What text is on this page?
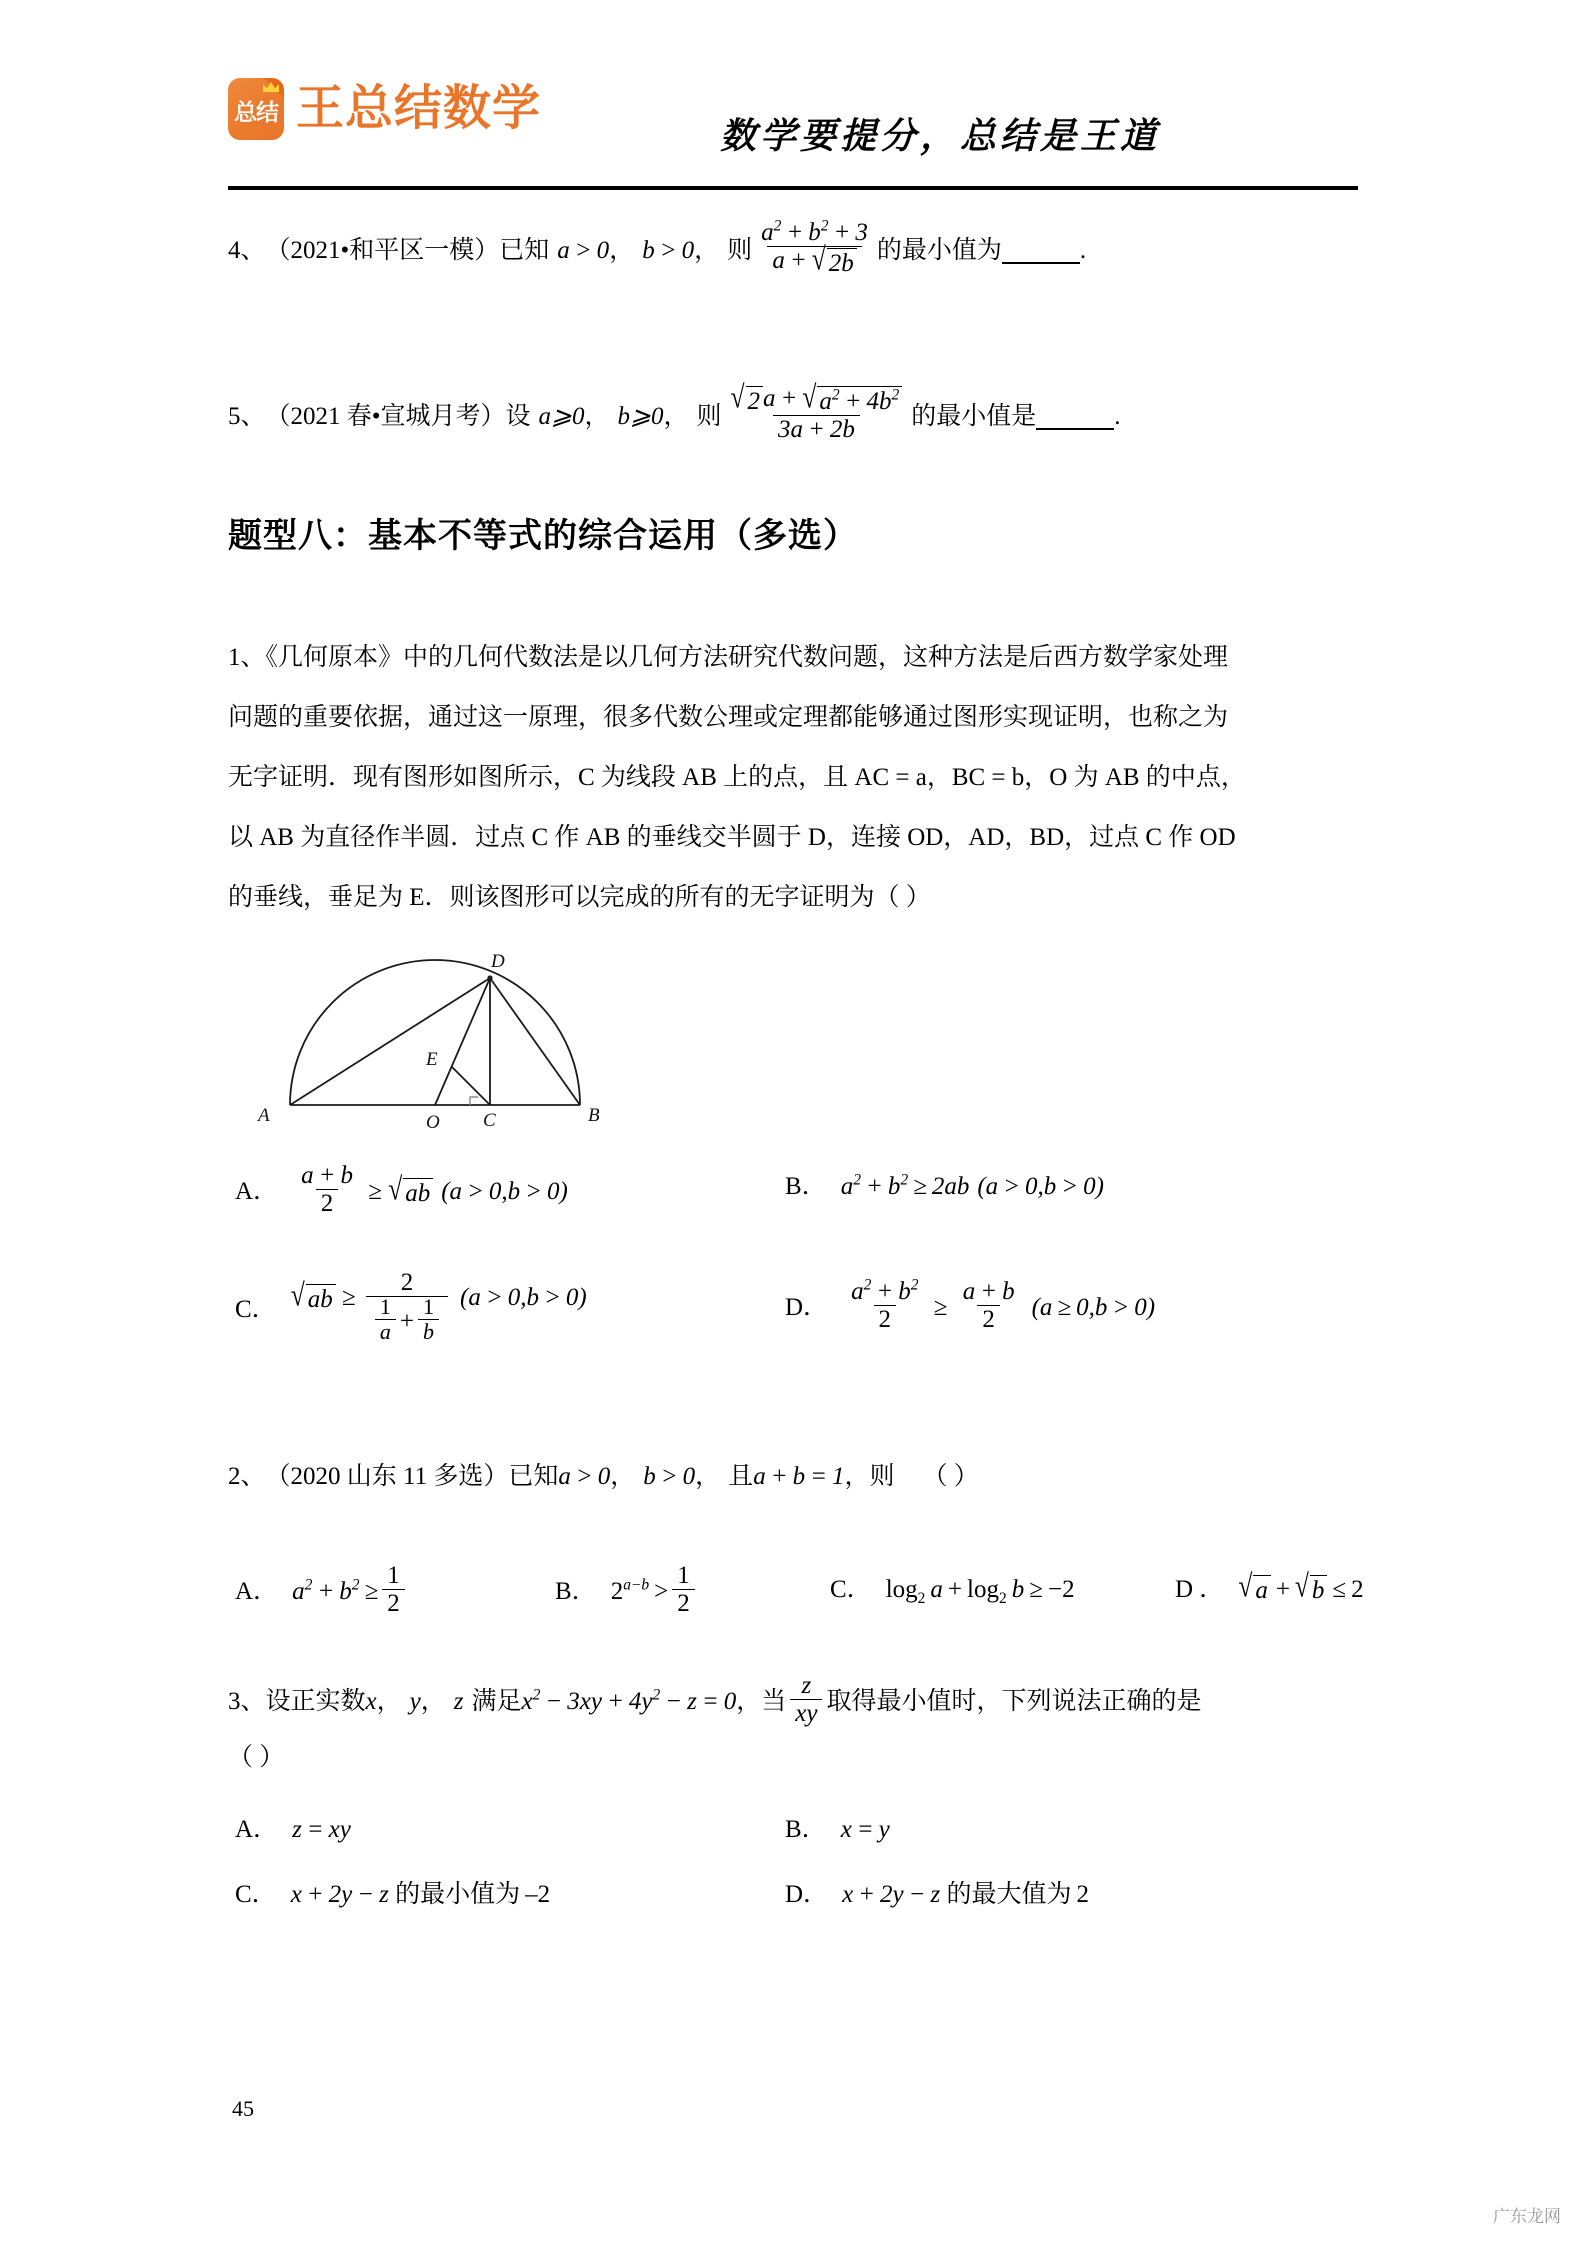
总结 王总结数学
数学要提分，总结是王道
4、 （2021•和平区一模） 已知 a > 0 ， b > 0 ， 则 $\frac{a^2 + b^2 + 3}{a + √ 2b}$ 的最小值为	.
5、 （2021 春•宣城月考） 设 a⩾0 ， b⩾0 ， 则 $\frac{√ 2 a + √ a^2 + 4b^2}{3a + 2b}$ 的最小值是	.
题型八：基本不等式的综合运用（多选）
1、《几何原本》中的几何代数法是以几何方法研究代数问题，这种方法是后西方数学家处理
问题的重要依据，通过这一原理，很多代数公理或定理都能够通过图形实现证明，也称之为
无字证明．现有图形如图所示，C 为线段 AB 上的点，且 AC = a，BC = b，O 为 AB 的中点，
以 AB 为直径作半圆．过点 C 作 AB 的垂线交半圆于 D，连接 OD，AD，BD，过点 C 作 OD
的垂线，垂足为 E．则该图形可以完成的所有的无字证明为（ ）
A	B
C
O
D
E
A． $\frac{a + b}{2}$ ≥ √ ab (a > 0,b > 0)	B． $a^2 + b^2 \ge 2ab$ (a > 0,b > 0)
C． √ ab ≥ $\frac{2}{\frac{1}{a} + \frac{1}{b}} (a > 0,b > 0)$	D． $\frac{a^2 + b^2}{2} \ge \frac{a + b}{2} (a \ge 0,b > 0)$
2、 （2020 山东 11 多选） 已知 a > 0 ， b > 0 ， 且 a + b = 1 ， 则 （ ）
A． $a^2 + b^2 \ge \frac{1}{2}$	B． $2^{a-b} > \frac{1}{2}$	C． $\log_2 a + \log_2 b \ge -2$	D ． √ a  +  √ b  ≤ 2
3、 设正实数 x ， y ， z 满足 $x^2 - 3xy + 4y^2 - z = 0$ ， 当 $\frac{z}{xy}$ 取得最小值时，下列说法正确的是
（ ）
A． z = xy	B． x = y
C． x + 2y − z 的最小值为  –2	D． x + 2y − z 的最大值为  2
45
广东龙网
